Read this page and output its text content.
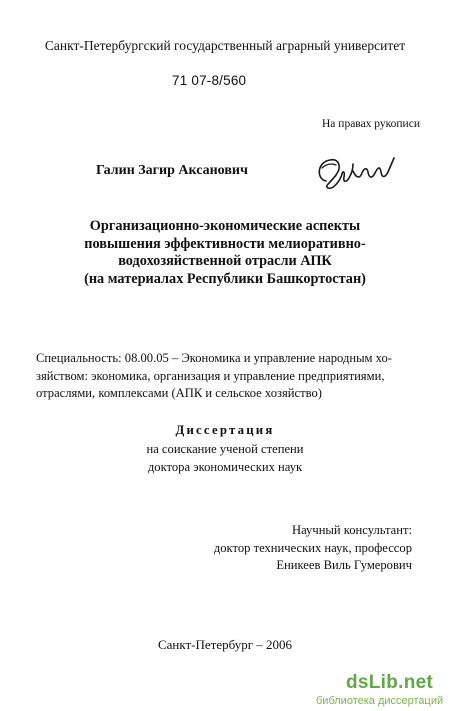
Санкт-Петербургский государственный аграрный университет
71 07-8/560
На правах рукописи
Галин Загир Аксанович
Организационно-экономические аспекты
повышения эффективности мелиоративно-
водохозяйственной отрасли АПК
(на материалах Республики Башкортостан)
Специальность: 08.00.05 – Экономика и управление народным хо-
зяйством: экономика, организация и управление предприятиями,
отраслями, комплексами (АПК и сельское хозяйство)
Диссертация
на соискание ученой степени
доктора экономических наук
Научный консультант:
доктор технических наук, профессор
Еникеев Виль Гумерович
Санкт-Петербург – 2006
dsLib.net
библиотека диссертаций
